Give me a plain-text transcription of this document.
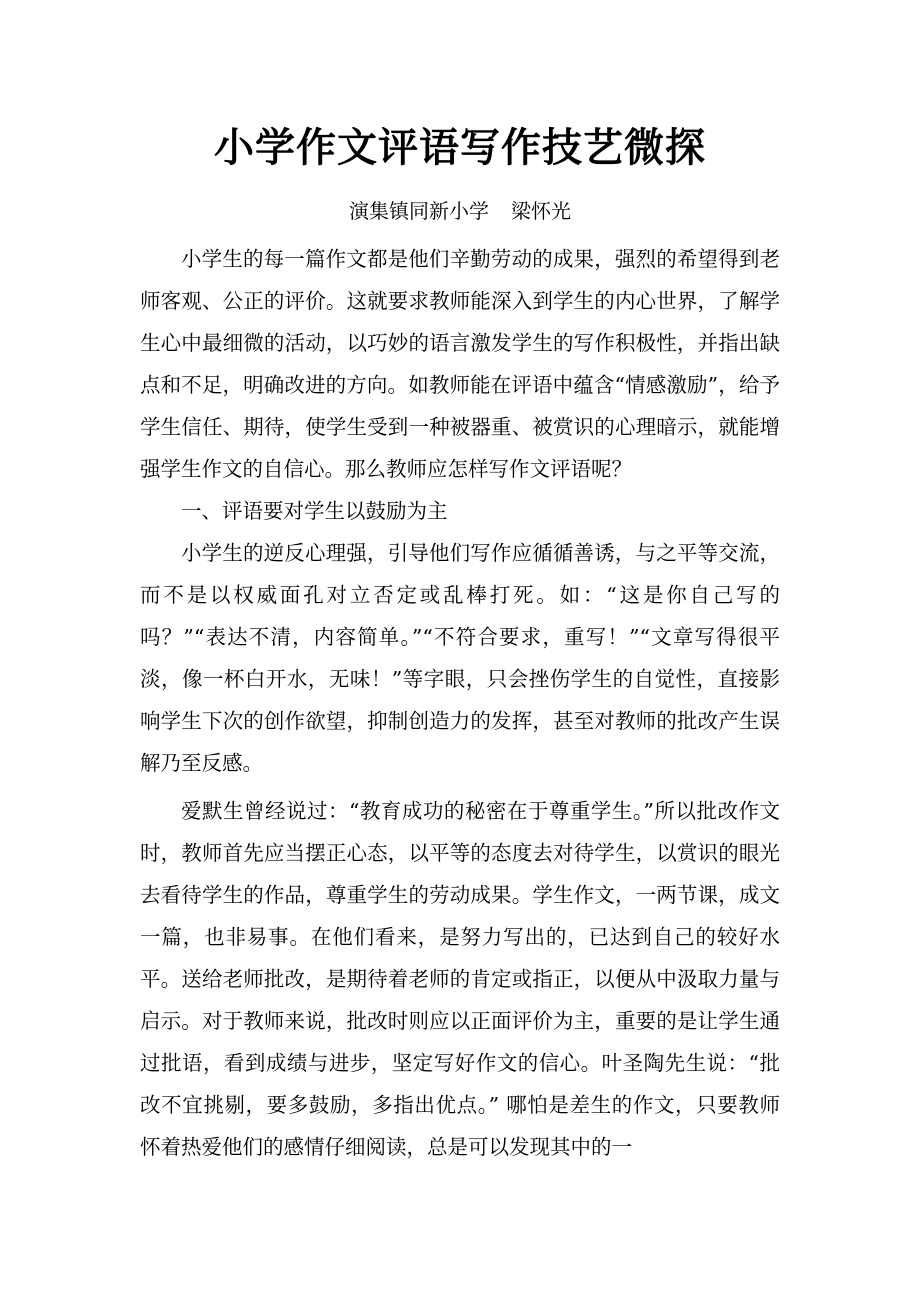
小学作文评语写作技艺微探
演集镇同新小学 梁怀光

小学生的每一篇作文都是他们辛勤劳动的成果，强烈的希望得到老师客观、公正的评价。这就要求教师能深入到学生的内心世界，了解学生心中最细微的活动，以巧妙的语言激发学生的写作积极性，并指出缺点和不足，明确改进的方向。如教师能在评语中蕴含“情感激励”，给予学生信任、期待，使学生受到一种被器重、被赏识的心理暗示，就能增强学生作文的自信心。那么教师应怎样写作文评语呢？

一、评语要对学生以鼓励为主

小学生的逆反心理强，引导他们写作应循循善诱，与之平等交流，而不是以权威面孔对立否定或乱棒打死。如：“这是你自己写的吗？”“表达不清，内容简单。”“不符合要求，重写！”“文章写得很平淡，像一杯白开水，无味！”等字眼，只会挫伤学生的自觉性，直接影响学生下次的创作欲望，抑制创造力的发挥，甚至对教师的批改产生误解乃至反感。

爱默生曾经说过：“教育成功的秘密在于尊重学生。”所以批改作文时，教师首先应当摆正心态，以平等的态度去对待学生，以赏识的眼光去看待学生的作品，尊重学生的劳动成果。学生作文，一两节课，成文一篇，也非易事。在他们看来，是努力写出的，已达到自己的较好水平。送给老师批改，是期待着老师的肯定或指正，以便从中汲取力量与启示。对于教师来说，批改时则应以正面评价为主，重要的是让学生通过批语，看到成绩与进步，坚定写好作文的信心。叶圣陶先生说：“批改不宜挑剔，要多鼓励，多指出优点。” 哪怕是差生的作文，只要教师怀着热爱他们的感情仔细阅读，总是可以发现其中的一
